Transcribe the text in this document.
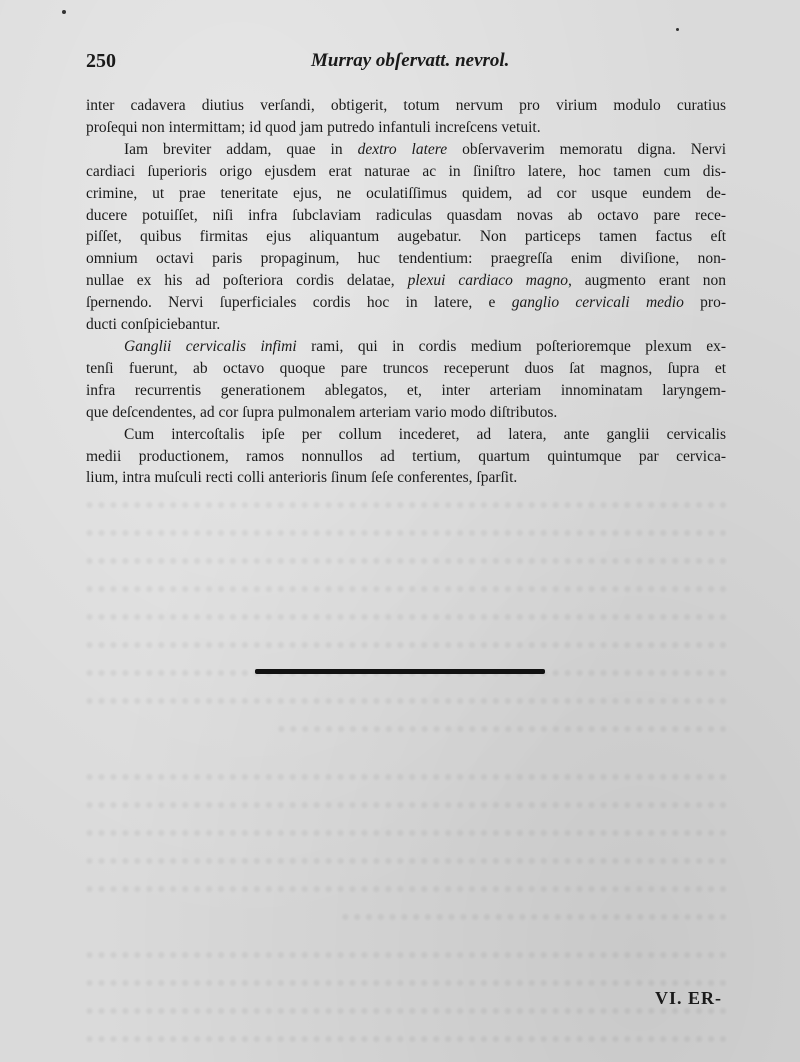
250	Murray obſervatt. nevrol.

inter cadavera diutius verſandi, obtigerit, totum nervum pro virium modulo curatius
proſequi non intermittam; id quod jam putredo infantuli increſcens vetuit.

Iam breviter addam, quae in dextro latere obſervaverim memoratu digna. Nervi
cardiaci ſuperioris origo ejusdem erat naturae ac in ſiniſtro latere, hoc tamen cum dis-
crimine, ut prae teneritate ejus, ne oculatiſſimus quidem, ad cor usque eundem de-
ducere potuiſſet, niſi infra ſubclaviam radiculas quasdam novas ab octavo pare rece-
piſſet, quibus firmitas ejus aliquantum augebatur. Non particeps tamen factus eſt
omnium octavi paris propaginum, huc tendentium: praegreſſa enim diviſione, non-
nullae ex his ad poſteriora cordis delatae, plexui cardiaco magno, augmento erant non
ſpernendo. Nervi ſuperficiales cordis hoc in latere, e ganglio cervicali medio pro-
ducti conſpiciebantur.

Ganglii cervicalis infimi rami, qui in cordis medium poſterioremque plexum ex-
tenſi fuerunt, ab octavo quoque pare truncos receperunt duos ſat magnos, ſupra et
infra recurrentis generationem ablegatos, et, inter arteriam innominatam laryngem-
que deſcendentes, ad cor ſupra pulmonalem arteriam vario modo diſtributos.

Cum intercoſtalis ipſe per collum incederet, ad latera, ante ganglii cervicalis
medii productionem, ramos nonnullos ad tertium, quartum quintumque par cervica-
lium, intra muſculi recti colli anterioris ſinum ſeſe conferentes, ſparſit.

VI. ER-
